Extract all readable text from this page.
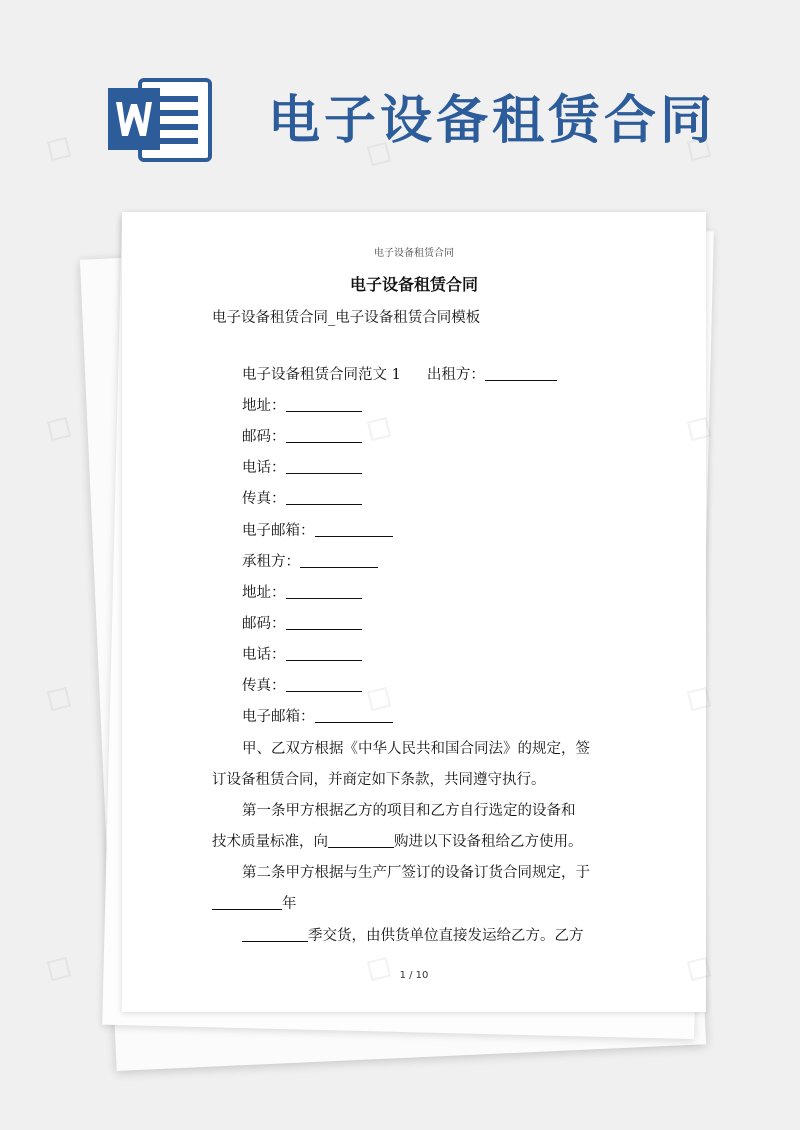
电子设备租赁合同
电子设备租赁合同
电子设备租赁合同
电子设备租赁合同_电子设备租赁合同模板
电子设备租赁合同范文 1 出租方：
地址：
邮码：
电话：
传真：
电子邮箱：
承租方：
地址：
邮码：
电话：
传真：
电子邮箱：
甲、乙双方根据《中华人民共和国合同法》的规定，签
订设备租赁合同，并商定如下条款，共同遵守执行。
第一条甲方根据乙方的项目和乙方自行选定的设备和
技术质量标准，向	购进以下设备租给乙方使用。
第二条甲方根据与生产厂签订的设备订货合同规定，于
年
季交货，由供货单位直接发运给乙方。乙方
1 / 10
